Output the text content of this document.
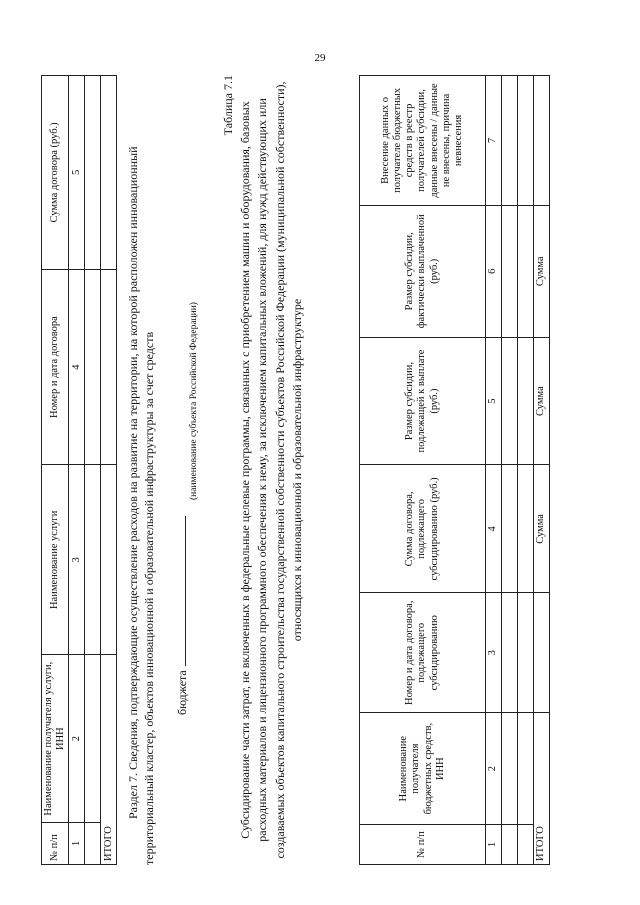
29
№ п/п	Наименование получателя услуги, ИНН	Наименование услуги	Номер и дата договора	Сумма договора (руб.)
1	2	3	4	5

ИТОГО				
Раздел 7. Сведения, подтверждающие осуществление расходов на развитие на территории, на которой расположен инновационный территориальный кластер, объектов инновационной и образовательной инфраструктуры за счет средств бюджета
(наименование субъекта Российской Федерации)
Таблица 7.1 Субсидирование части затрат, не включенных в федеральные целевые программы, связанных с приобретением машин и оборудования, базовых расходных материалов и лицензионного программного обеспечения к нему, за исключением капитальных вложений, для нужд действующих или создаваемых объектов капитального строительства государственной собственности субъектов Российской Федерации (муниципальной собственности), относящихся к инновационной и образовательной инфраструктуре
№ п/п	Наименование получателя бюджетных средств, ИНН	Номер и дата договора, подлежащего субсидированию	Сумма договора, подлежащего субсидированию (руб.)	Размер субсидии, подлежащей к выплате (руб.)	Размер субсидии, фактически выплаченной (руб.)	Внесение данных о получателе бюджетных средств в реестр получателей субсидии, данные внесены / данные не внесены, причина невнесения
1	2	3	4	5	6	7

ИТОГО			Сумма	Сумма	Сумма	
